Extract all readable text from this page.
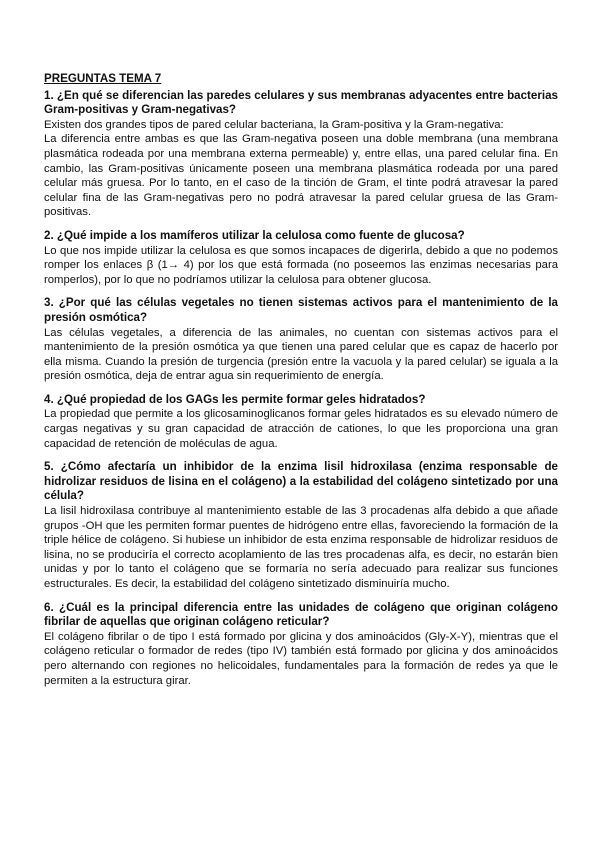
PREGUNTAS TEMA 7

1. ¿En qué se diferencian las paredes celulares y sus membranas adyacentes entre bacterias Gram-positivas y Gram-negativas?

Existen dos grandes tipos de pared celular bacteriana, la Gram-positiva y la Gram-negativa:

La diferencia entre ambas es que las Gram-negativa poseen una doble membrana (una membrana plasmática rodeada por una membrana externa permeable) y, entre ellas, una pared celular fina. En cambio, las Gram-positivas únicamente poseen una membrana plasmática rodeada por una pared celular más gruesa. Por lo tanto, en el caso de la tinción de Gram, el tinte podrá atravesar la pared celular fina de las Gram-negativas pero no podrá atravesar la pared celular gruesa de las Gram-positivas.

2. ¿Qué impide a los mamíferos utilizar la celulosa como fuente de glucosa?

Lo que nos impide utilizar la celulosa es que somos incapaces de digerirla, debido a que no podemos romper los enlaces β (1→ 4) por los que está formada (no poseemos las enzimas necesarias para romperlos), por lo que no podríamos utilizar la celulosa para obtener glucosa.

3. ¿Por qué las células vegetales no tienen sistemas activos para el mantenimiento de la presión osmótica?

Las células vegetales, a diferencia de las animales, no cuentan con sistemas activos para el mantenimiento de la presión osmótica ya que tienen una pared celular que es capaz de hacerlo por ella misma. Cuando la presión de turgencia (presión entre la vacuola y la pared celular) se iguala a la presión osmótica, deja de entrar agua sin requerimiento de energía.

4. ¿Qué propiedad de los GAGs les permite formar geles hidratados?

La propiedad que permite a los glicosaminoglicanos formar geles hidratados es su elevado número de cargas negativas y su gran capacidad de atracción de cationes, lo que les proporciona una gran capacidad de retención de moléculas de agua.

5. ¿Cómo afectaría un inhibidor de la enzima lisil hidroxilasa (enzima responsable de hidrolizar residuos de lisina en el colágeno) a la estabilidad del colágeno sintetizado por una célula?

La lisil hidroxilasa contribuye al mantenimiento estable de las 3 procadenas alfa debido a que añade grupos -OH que les permiten formar puentes de hidrógeno entre ellas, favoreciendo la formación de la triple hélice de colágeno. Si hubiese un inhibidor de esta enzima responsable de hidrolizar residuos de lisina, no se produciría el correcto acoplamiento de las tres procadenas alfa, es decir, no estarán bien unidas y por lo tanto el colágeno que se formaría no sería adecuado para realizar sus funciones estructurales. Es decir, la estabilidad del colágeno sintetizado disminuiría mucho.

6. ¿Cuál es la principal diferencia entre las unidades de colágeno que originan colágeno fibrilar de aquellas que originan colágeno reticular?

El colágeno fibrilar o de tipo I está formado por glicina y dos aminoácidos (Gly-X-Y), mientras que el colágeno reticular o formador de redes (tipo IV) también está formado por glicina y dos aminoácidos pero alternando con regiones no helicoidales, fundamentales para la formación de redes ya que le permiten a la estructura girar.
